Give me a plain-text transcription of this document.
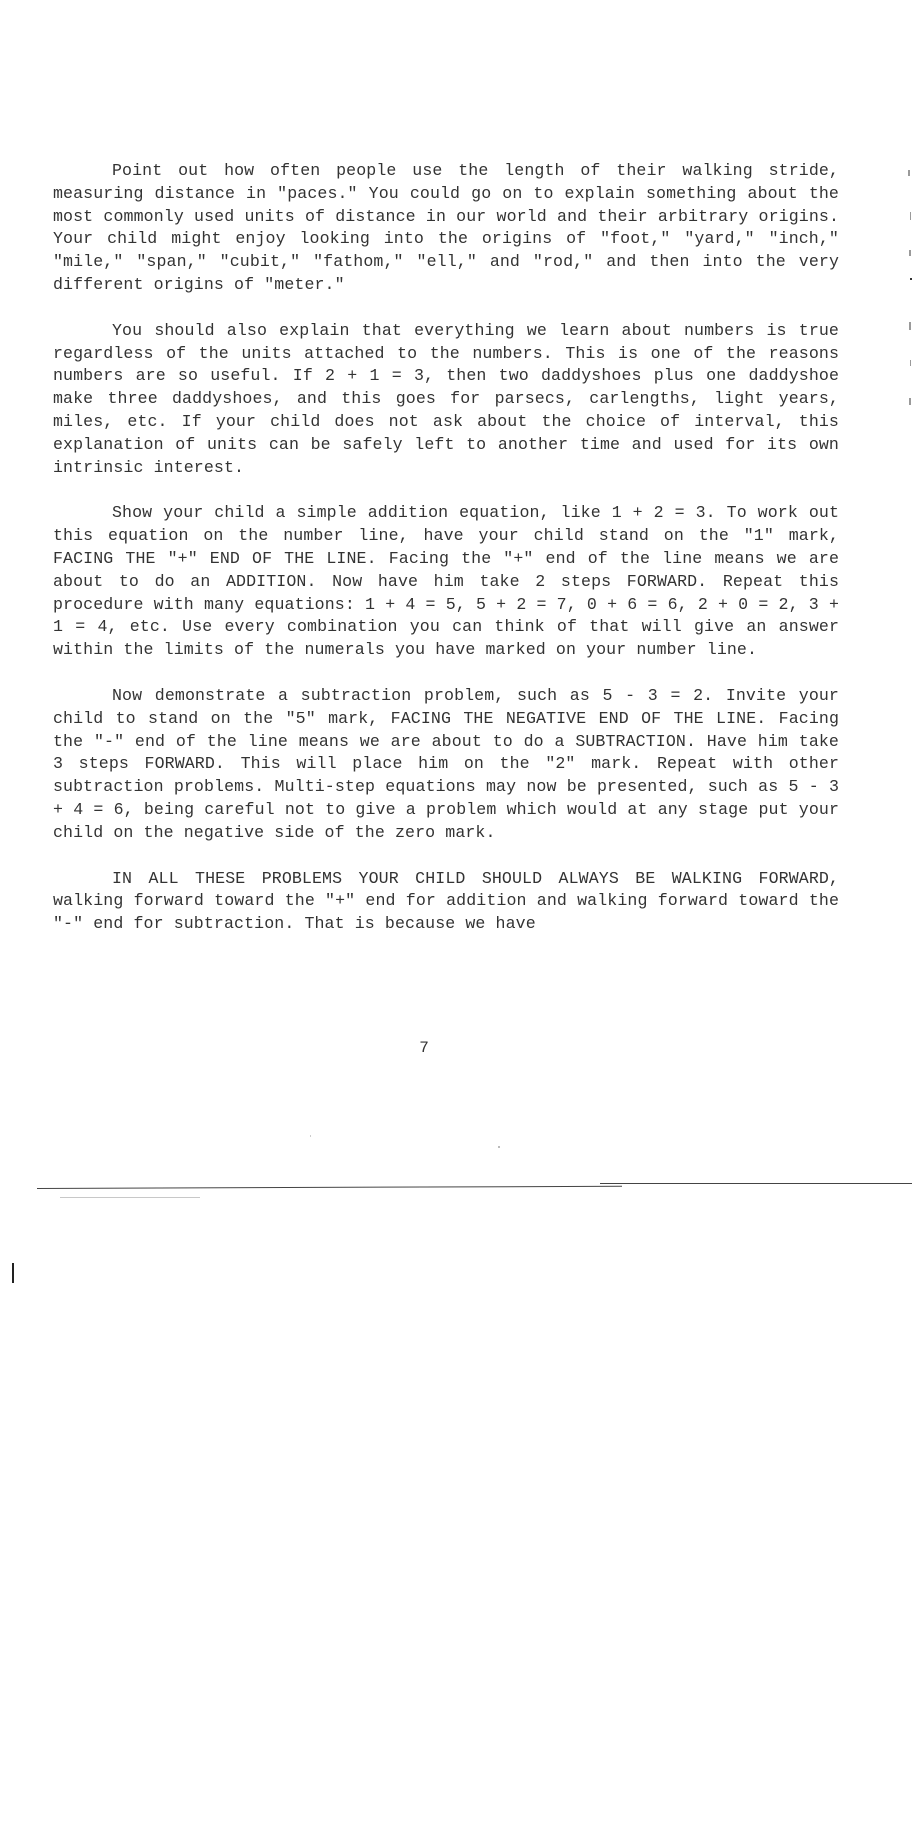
Point out how often people use the length of their walking stride, measuring distance in "paces." You could go on to explain something about the most commonly used units of distance in our world and their arbitrary origins. Your child might enjoy looking into the origins of "foot," "yard," "inch," "mile," "span," "cubit," "fathom," "ell," and "rod," and then into the very different origins of "meter."

You should also explain that everything we learn about numbers is true regardless of the units attached to the numbers. This is one of the reasons numbers are so useful. If 2 + 1 = 3, then two daddyshoes plus one daddyshoe make three daddyshoes, and this goes for parsecs, carlengths, light years, miles, etc. If your child does not ask about the choice of interval, this explanation of units can be safely left to another time and used for its own intrinsic interest.

Show your child a simple addition equation, like 1 + 2 = 3. To work out this equation on the number line, have your child stand on the "1" mark, FACING THE "+" END OF THE LINE. Facing the "+" end of the line means we are about to do an ADDITION. Now have him take 2 steps FORWARD. Repeat this procedure with many equations: 1 + 4 = 5, 5 + 2 = 7, 0 + 6 = 6, 2 + 0 = 2, 3 + 1 = 4, etc. Use every combination you can think of that will give an answer within the limits of the numerals you have marked on your number line.

Now demonstrate a subtraction problem, such as 5 - 3 = 2. Invite your child to stand on the "5" mark, FACING THE NEGATIVE END OF THE LINE. Facing the "-" end of the line means we are about to do a SUBTRACTION. Have him take 3 steps FORWARD. This will place him on the "2" mark. Repeat with other subtraction problems. Multi-step equations may now be presented, such as 5 - 3 + 4 = 6, being careful not to give a problem which would at any stage put your child on the negative side of the zero mark.

IN ALL THESE PROBLEMS YOUR CHILD SHOULD ALWAYS BE WALKING FORWARD, walking forward toward the "+" end for addition and walking forward toward the "-" end for subtraction. That is because we have

7
